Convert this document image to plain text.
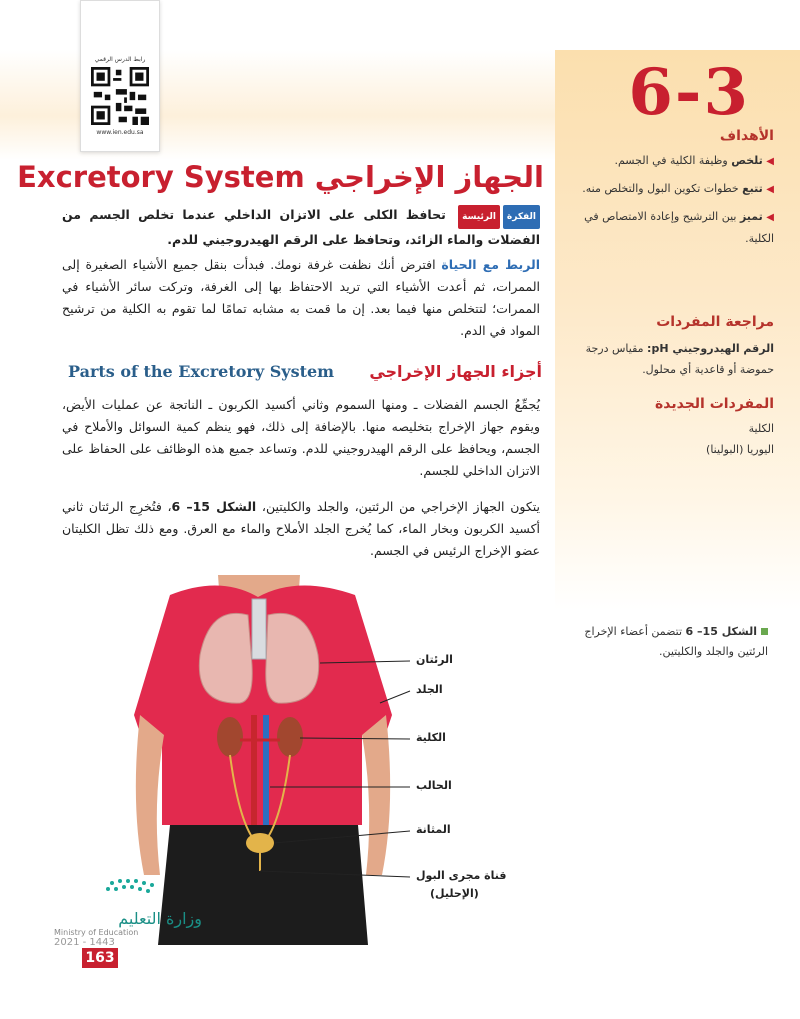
رابط الدرس الرقمي
www.ien.edu.sa
6-3
Excretory System الجهاز الإخراجي
الفكرةالرئيسة تحافظ الكلى على الاتزان الداخلي عندما تخلص الجسم من الفضلات والماء الزائد، وتحافظ على الرقم الهيدروجيني للدم.
الربط مع الحياة افترض أنك نظفت غرفة نومك. فبدأت بنقل جميع الأشياء الصغيرة إلى الممرات، ثم أعدت الأشياء التي تريد الاحتفاظ بها إلى الغرفة، وتركت سائر الأشياء في الممرات؛ لتتخلص منها فيما بعد. إن ما قمت به مشابه تمامًا لما تقوم به الكلية من ترشيح المواد في الدم.
أجزاء الجهاز الإخراجي
Parts of the Excretory System
يُجمِّعُ الجسم الفضلات ـ ومنها السموم وثاني أكسيد الكربون ـ الناتجة عن عمليات الأيض، ويقوم جهاز الإخراج بتخليصه منها. بالإضافة إلى ذلك، فهو ينظم كمية السوائل والأملاح في الجسم، ويحافظ على الرقم الهيدروجيني للدم. وتساعد جميع هذه الوظائف على الحفاظ على الاتزان الداخلي للجسم.
يتكون الجهاز الإخراجي من الرئتين، والجلد والكليتين، الشكل 15– 6، فتُخرِج الرئتان ثاني أكسيد الكربون وبخار الماء، كما يُخرج الجلد الأملاح والماء مع العرق. ومع ذلك تظل الكليتان عضو الإخراج الرئيس في الجسم.
الأهداف
◀ تلخص وظيفة الكلية في الجسم.
◀ تتبع خطوات تكوين البول والتخلص منه.
◀ تميز بين الترشيح وإعادة الامتصاص في الكلية.
مراجعة المفردات
الرقم الهيدروجيني pH: مقياس درجة حموضة أو قاعدية أي محلول.
المفردات الجديدة
الكلية
اليوريا (البولينا)
الشكل 15– 6 تتضمن أعضاء الإخراج الرئتين والجلد والكليتين.
الرئتان
الجلد
الكلية
الحالب
المثانة
قناة مجرى البول
(الإحليل)
وزارة التعليم
Ministry of Education
2021 - 1443
163
